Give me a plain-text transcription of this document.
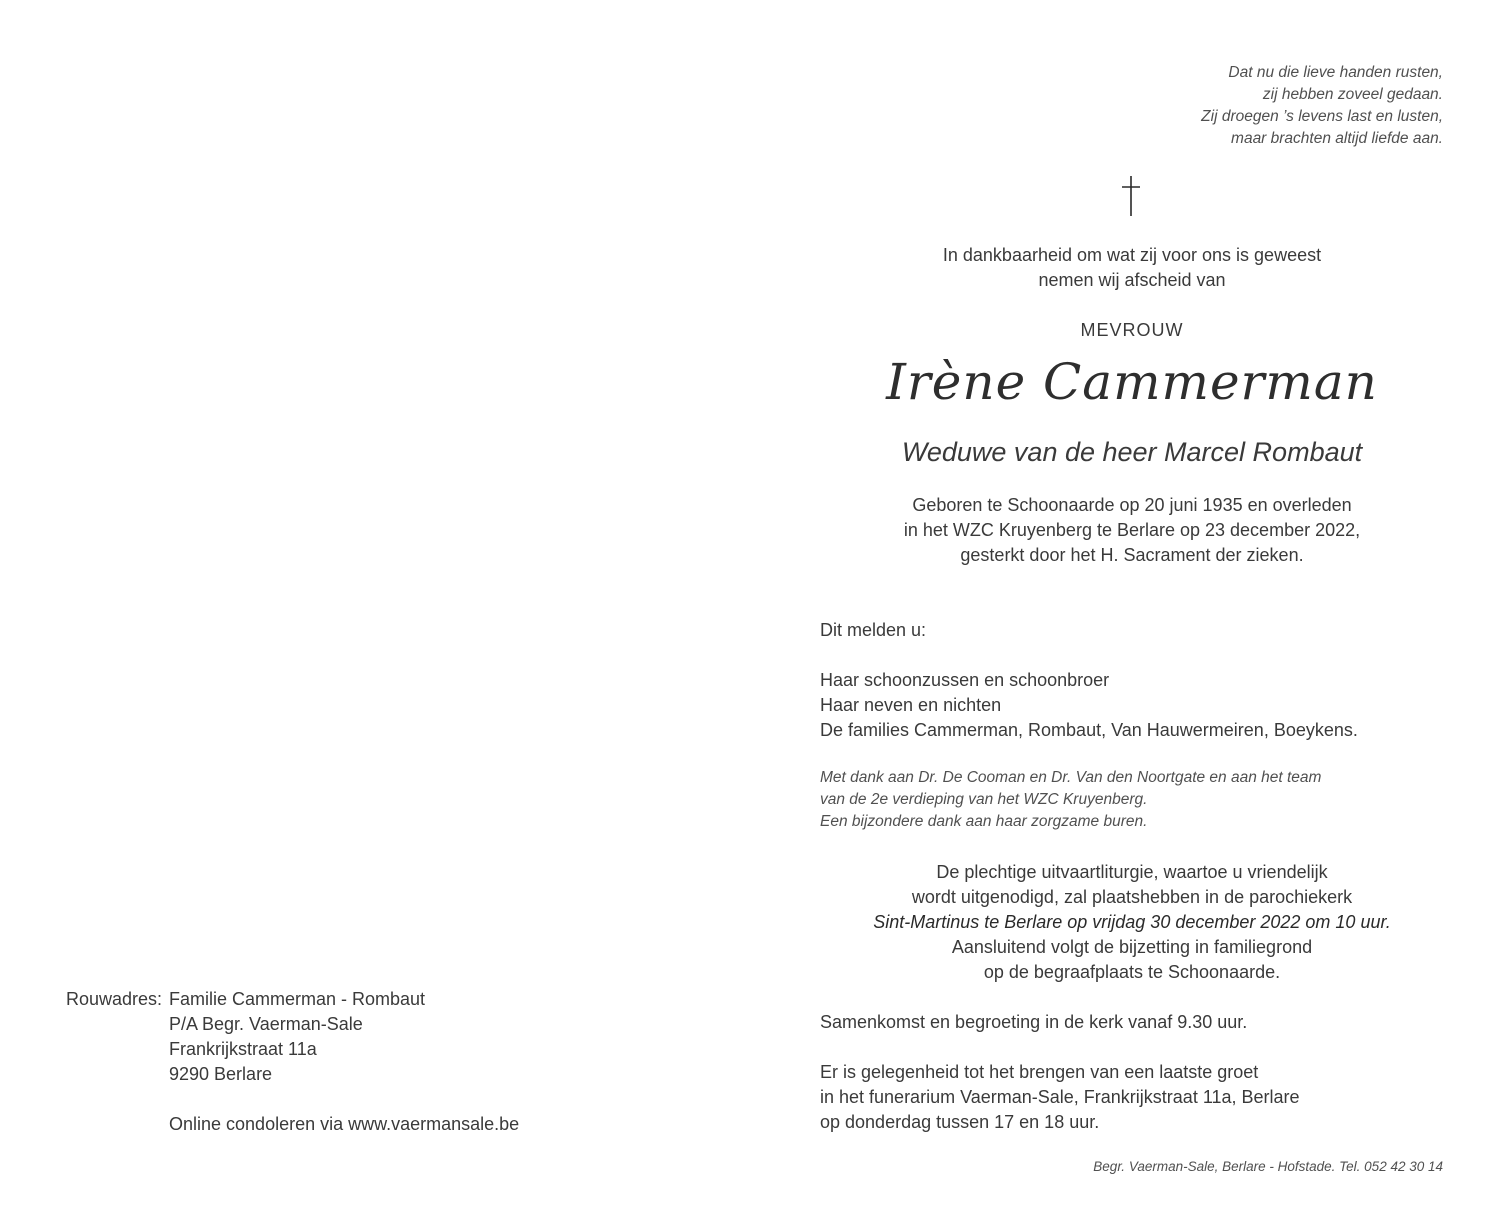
Dat nu die lieve handen rusten,
zij hebben zoveel gedaan.
Zij droegen ’s levens last en lusten,
maar brachten altijd liefde aan.
In dankbaarheid om wat zij voor ons is geweest
nemen wij afscheid van
MEVROUW
Irène Cammerman
Weduwe van de heer Marcel Rombaut
Geboren te Schoonaarde op 20 juni 1935 en overleden
in het WZC Kruyenberg te Berlare op 23 december 2022,
gesterkt door het H. Sacrament der zieken.
Dit melden u:
Haar schoonzussen en schoonbroer
Haar neven en nichten
De families Cammerman, Rombaut, Van Hauwermeiren, Boeykens.
Met dank aan Dr. De Cooman en Dr. Van den Noortgate en aan het team
van de 2e verdieping van het WZC Kruyenberg.
Een bijzondere dank aan haar zorgzame buren.
De plechtige uitvaartliturgie, waartoe u vriendelijk
wordt uitgenodigd, zal plaatshebben in de parochiekerk
Sint-Martinus te Berlare op vrijdag 30 december 2022 om 10 uur.
Aansluitend volgt de bijzetting in familiegrond
op de begraafplaats te Schoonaarde.
Samenkomst en begroeting in de kerk vanaf 9.30 uur.
Er is gelegenheid tot het brengen van een laatste groet
in het funerarium Vaerman-Sale, Frankrijkstraat 11a, Berlare
op donderdag tussen 17 en 18 uur.
Begr. Vaerman-Sale, Berlare - Hofstade. Tel. 052 42 30 14
Rouwadres: Familie Cammerman - Rombaut
P/A Begr. Vaerman-Sale
Frankrijkstraat 11a
9290 Berlare
Online condoleren via www.vaermansale.be
